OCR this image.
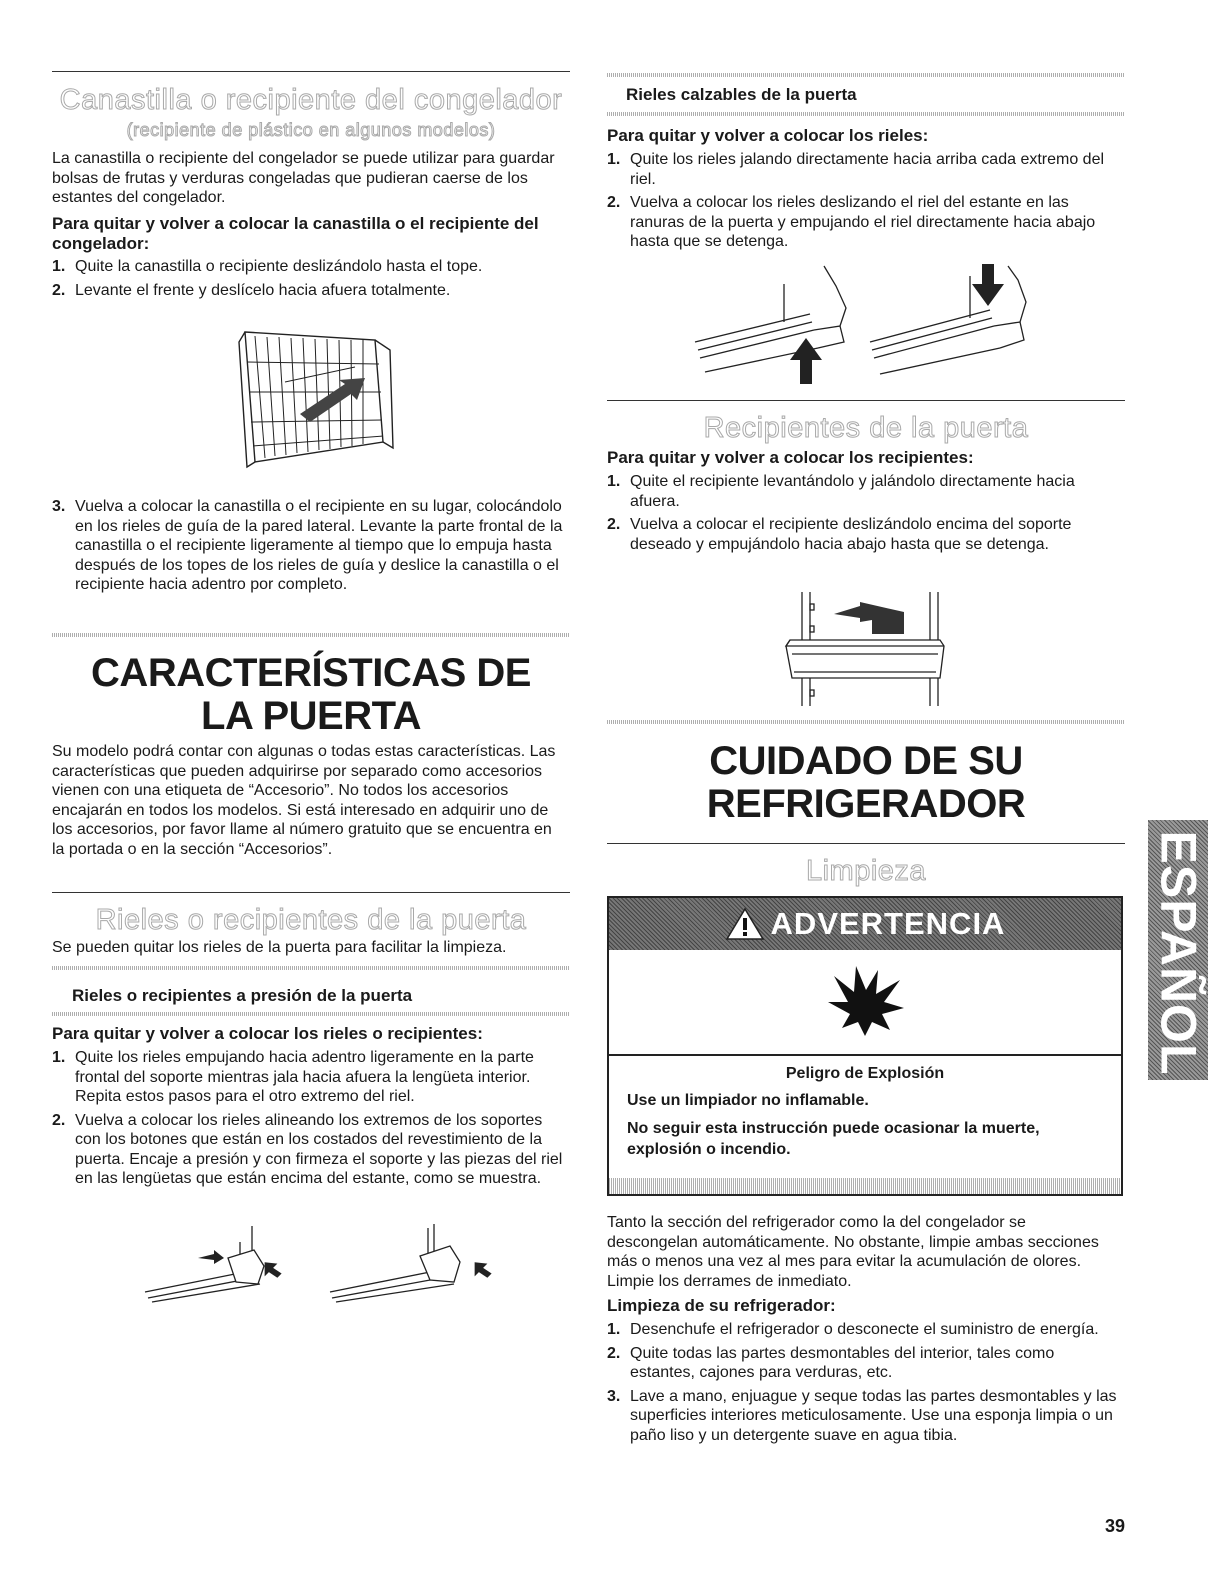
Canastilla o recipiente del congelador
(recipiente de plástico en algunos modelos)

La canastilla o recipiente del congelador se puede utilizar para guardar bolsas de frutas y verduras congeladas que pudieran caerse de los estantes del congelador.

Para quitar y volver a colocar la canastilla o el recipiente del congelador:
1. Quite la canastilla o recipiente deslizándolo hasta el tope.
2. Levante el frente y deslícelo hacia afuera totalmente.
3. Vuelva a colocar la canastilla o el recipiente en su lugar, colocándolo en los rieles de guía de la pared lateral. Levante la parte frontal de la canastilla o el recipiente ligeramente al tiempo que lo empuja hasta después de los topes de los rieles de guía y deslice la canastilla o el recipiente hacia adentro por completo.
CARACTERÍSTICAS DE
LA PUERTA

Su modelo podrá contar con algunas o todas estas características. Las características que pueden adquirirse por separado como accesorios vienen con una etiqueta de “Accesorio”. No todos los accesorios encajarán en todos los modelos. Si está interesado en adquirir uno de los accesorios, por favor llame al número gratuito que se encuentra en la portada o en la sección “Accesorios”.

Rieles o recipientes de la puerta

Se pueden quitar los rieles de la puerta para facilitar la limpieza.

Rieles o recipientes a presión de la puerta
Para quitar y volver a colocar los rieles o recipientes:
1. Quite los rieles empujando hacia adentro ligeramente en la parte frontal del soporte mientras jala hacia afuera la lengüeta interior. Repita estos pasos para el otro extremo del riel.
2. Vuelva a colocar los rieles alineando los extremos de los soportes con los botones que están en los costados del revestimiento de la puerta. Encaje a presión y con firmeza el soporte y las piezas del riel en las lengüetas que están encima del estante, como se muestra.
Rieles calzables de la puerta
Para quitar y volver a colocar los rieles:
1. Quite los rieles jalando directamente hacia arriba cada extremo del riel.
2. Vuelva a colocar los rieles deslizando el riel del estante en las ranuras de la puerta y empujando el riel directamente hacia abajo hasta que se detenga.
Recipientes de la puerta
Para quitar y volver a colocar los recipientes:
1. Quite el recipiente levantándolo y jalándolo directamente hacia afuera.
2. Vuelva a colocar el recipiente deslizándolo encima del soporte deseado y empujándolo hacia abajo hasta que se detenga.
CUIDADO DE SU
REFRIGERADOR
Limpieza
ADVERTENCIA
Peligro de Explosión
Use un limpiador no inflamable.
No seguir esta instrucción puede ocasionar la muerte, explosión o incendio.

Tanto la sección del refrigerador como la del congelador se descongelan automáticamente. No obstante, limpie ambas secciones más o menos una vez al mes para evitar la acumulación de olores. Limpie los derrames de inmediato.

Limpieza de su refrigerador:
1. Desenchufe el refrigerador o desconecte el suministro de energía.
2. Quite todas las partes desmontables del interior, tales como estantes, cajones para verduras, etc.
3. Lave a mano, enjuague y seque todas las partes desmontables y las superficies interiores meticulosamente. Use una esponja limpia o un paño liso y un detergente suave en agua tibia.
ESPAÑOL
39
